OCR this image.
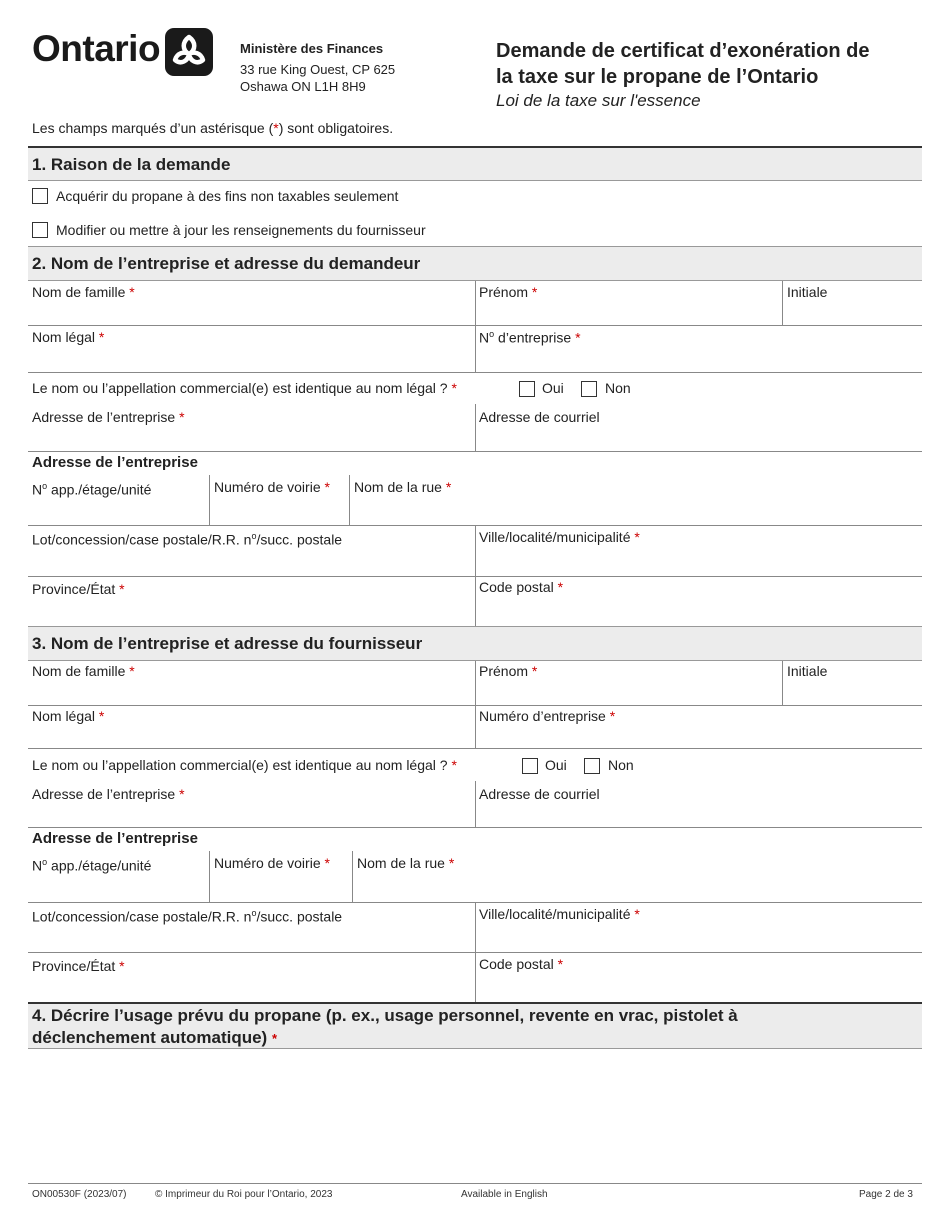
Ontario	Ministère des Finances
33 rue King Ouest, CP 625
Oshawa ON L1H 8H9
Demande de certificat d’exonération de
la taxe sur le propane de l’Ontario
Loi de la taxe sur l'essence
Les champs marqués d’un astérisque (*) sont obligatoires.
1. Raison de la demande
Acquérir du propane à des fins non taxables seulement
Modifier ou mettre à jour les renseignements du fournisseur
2. Nom de l’entreprise et adresse du demandeur
Nom de famille *	Prénom *	Initiale
Nom légal *	$N^o$ d’entreprise *
Le nom ou l’appellation commercial(e) est identique au nom légal ? *	Oui	Non
Adresse de l’entreprise *	Adresse de courriel
Adresse de l’entreprise
$N^o$ app./étage/unité	Numéro de voirie * Nom de la rue *
Lot/concession/case postale/R.R. $n^o$/succ. postale	Ville/localité/municipalité *
Province/État *	Code postal *
3. Nom de l’entreprise et adresse du fournisseur
Nom de famille *	Prénom *	Initiale
Nom légal *	Numéro d’entreprise *
Le nom ou l’appellation commercial(e) est identique au nom légal ? *	Oui	Non
Adresse de l’entreprise *	Adresse de courriel
Adresse de l’entreprise
$N^o$ app./étage/unité	Numéro de voirie * Nom de la rue *
Lot/concession/case postale/R.R. $n^o$/succ. postale	Ville/localité/municipalité *
Province/État *	Code postal *
4. Décrire l’usage prévu du propane (p. ex., usage personnel, revente en vrac, pistolet à
déclenchement automatique) *
ON00530F (2023/07)	© Imprimeur du Roi pour l’Ontario, 2023	Available in English	Page 2 de 3
